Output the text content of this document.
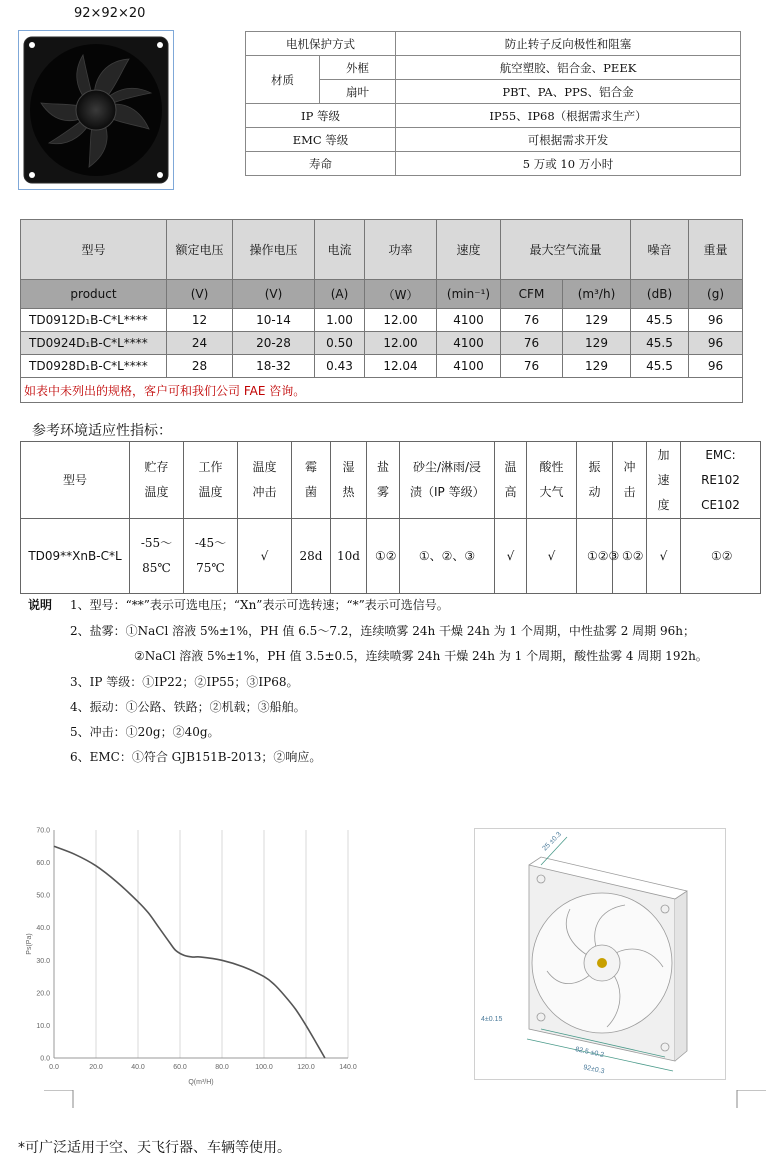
92×92×20
电机保护方式		防止转子反向极性和阻塞
材质	外框	航空塑胶、铝合金、PEEK
	扇叶	PBT、PA、PPS、铝合金
IP 等级		IP55、IP68（根据需求生产）
EMC 等级		可根据需求开发
寿命		5 万或 10 万小时
型号	额定电压	操作电压	电流	功率	速度	最大空气流量		噪音	重量
product	(V)	(V)	(A)	（W）	(min⁻¹)	CFM	(m³/h)	(dB)	(g)
TD0912D₁B-C*L****	12	10-14	1.00	12.00	4100	76	129	45.5	96
TD0924D₁B-C*L****	24	20-28	0.50	12.00	4100	76	129	45.5	96
TD0928D₁B-C*L****	28	18-32	0.43	12.04	4100	76	129	45.5	96
如表中未列出的规格，客户可和我们公司 FAE 咨询。									
参考环境适应性指标：
型号	贮存温度	工作温度	温度冲击	霉菌	湿热	盐雾	砂尘/淋雨/浸渍（IP 等级）	温高	酸性大气	振动	冲击	加速度	EMC: RE102 CE102
TD09**XnB-C*L	-55～85℃	-45～75℃	√	28d	10d	①②	①、②、③	√	√	①②③	①②	√	①②
说明 1、型号：“**”表示可选电压；“Xn”表示可选转速；“*”表示可选信号。
2、盐雾：①NaCl 溶液 5%±1%，PH 值 6.5～7.2，连续喷雾 24h 干燥 24h 为 1 个周期，中性盐雾 2 周期 96h；
②NaCl 溶液 5%±1%，PH 值 3.5±0.5，连续喷雾 24h 干燥 24h 为 1 个周期，酸性盐雾 4 周期 192h。
3、IP 等级：①IP22；②IP55；③IP68。
4、振动：①公路、铁路；②机载；③船舶。
5、冲击：①20g；②40g。
6、EMC：①符合 GJB151B-2013；②响应。
0.0
10.0
20.0
30.0
40.0
50.0
60.0
70.0
0.0	20.0	40.0	60.0	80.0	100.0	120.0	140.0
Ps(Pa)
Q(m³/H)
25 ±0.3
4±0.15
82.5 ±0.2
92±0.3
*可广泛适用于空、天飞行器、车辆等使用。
